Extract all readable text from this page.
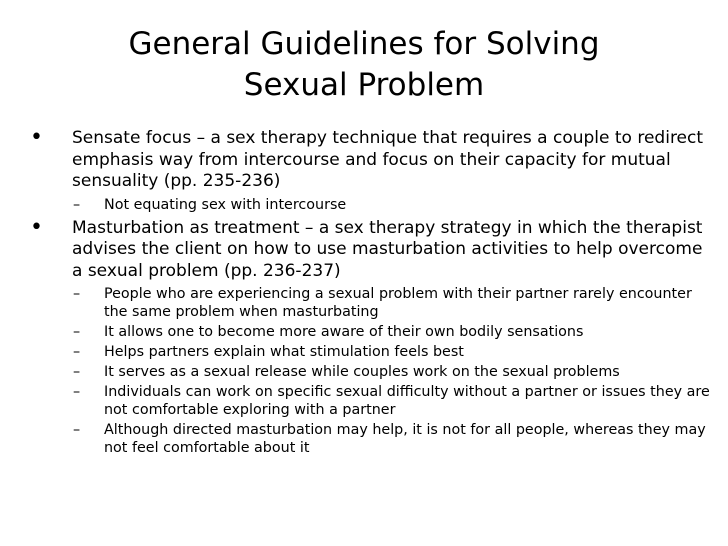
General Guidelines for Solving
Sexual Problem
•	Sensate focus – a sex therapy technique that requires a couple to redirect emphasis way from intercourse and focus on their capacity for mutual sensuality (pp. 235-236)
– Not equating sex with intercourse
•	Masturbation as treatment – a sex therapy strategy in which the therapist advises the client on how to use masturbation activities to help overcome a sexual problem (pp. 236-237)
– People who are experiencing a sexual problem with their partner rarely encounter the same problem when masturbating
– It allows one to become more aware of their own bodily sensations
– Helps partners explain what stimulation feels best
– It serves as a sexual release while couples work on the sexual problems
– Individuals can work on specific sexual difficulty without a partner or issues they are not comfortable exploring with a partner
– Although directed masturbation may help, it is not for all people, whereas they may not feel comfortable about it
